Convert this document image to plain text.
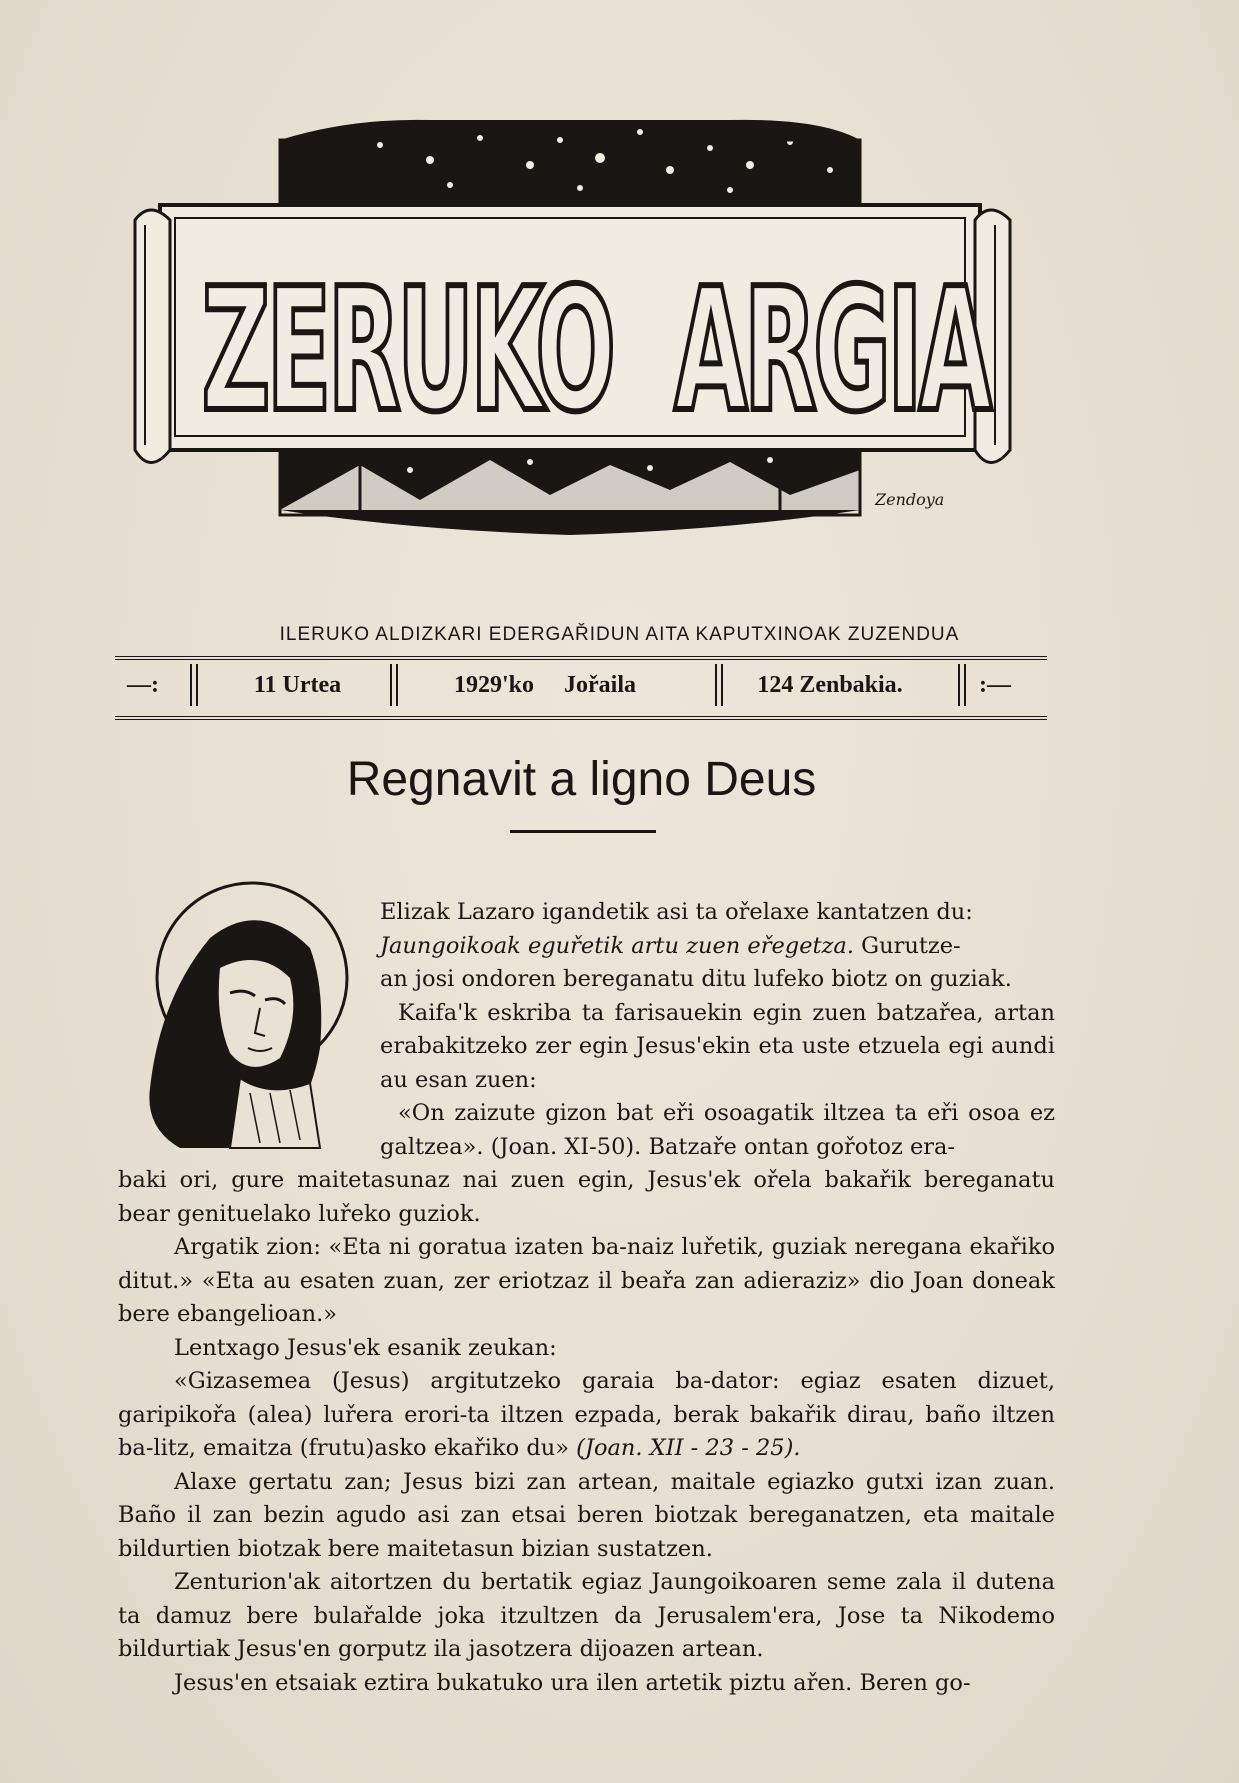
ZERUKO ARGIA
Zendoya
ILERUKO ALDIZKARI EDERGAŘIDUN AITA KAPUTXINOAK ZUZENDUA
—:	11 Urtea	1929'ko     Jořaila	124 Zenbakia.	:—
Regnavit a ligno Deus

Elizak Lazaro igandetik asi ta ořelaxe kantatzen du:
Jaungoikoak eguřetik artu zuen eřegetza. Gurutze-
an josi ondoren bereganatu ditu lufeko biotz on guziak.

Kaifa'k eskriba ta farisauekin egin zuen batzařea, artan erabakitzeko zer egin Jesus'ekin eta uste etzuela egi aundi au esan zuen:

«On zaizute gizon bat eři osoagatik iltzea ta eři osoa ez galtzea». (Joan. XI-50). Batzaře ontan gořotoz era-

baki ori, gure maitetasunaz nai zuen egin, Jesus'ek ořela bakařik bereganatu bear genituelako luřeko guziok.

Argatik zion: «Eta ni goratua izaten ba-naiz luřetik, guziak neregana ekařiko ditut.» «Eta au esaten zuan, zer eriotzaz il beařa zan adieraziz» dio Joan doneak bere ebangelioan.»

Lentxago Jesus'ek esanik zeukan:

«Gizasemea (Jesus) argitutzeko garaia ba-dator: egiaz esaten dizuet, garipikořa (alea) luřera erori-ta iltzen ezpada, berak bakařik dirau, baño iltzen ba-litz, emaitza (frutu)asko ekařiko du» (Joan. XII - 23 - 25).

Alaxe gertatu zan; Jesus bizi zan artean, maitale egiazko gutxi izan zuan. Baño il zan bezin agudo asi zan etsai beren biotzak bereganatzen, eta maitale bildurtien biotzak bere maitetasun bizian sustatzen.

Zenturion'ak aitortzen du bertatik egiaz Jaungoikoaren seme zala il dutena ta damuz bere bulařalde joka itzultzen da Jerusalem'era, Jose ta Nikodemo bildurtiak Jesus'en gorputz ila jasotzera dijoazen artean.

Jesus'en etsaiak eztira bukatuko ura ilen artetik piztu ařen. Beren go-
